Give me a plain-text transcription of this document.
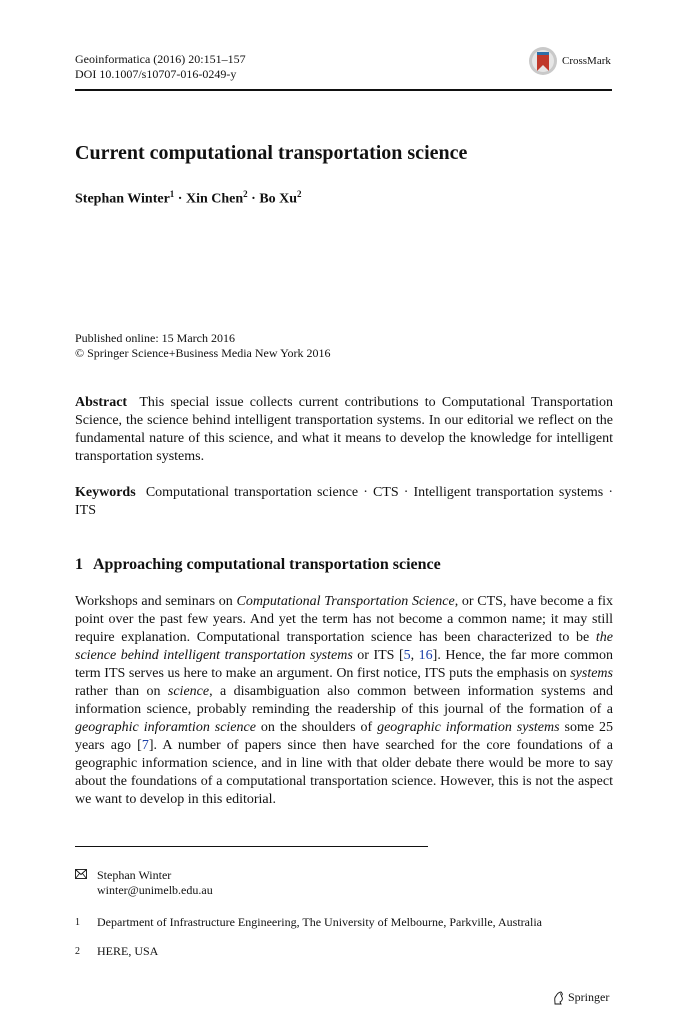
Geoinformatica (2016) 20:151–157
DOI 10.1007/s10707-016-0249-y
CrossMark
Current computational transportation science
Stephan Winter$^1$ · Xin Chen$^2$ · Bo Xu$^2$
Published online: 15 March 2016
© Springer Science+Business Media New York 2016
Abstract This special issue collects current contributions to Computational Transportation Science, the science behind intelligent transportation systems. In our editorial we reflect on the fundamental nature of this science, and what it means to develop the knowledge for intelligent transportation systems.
Keywords Computational transportation science · CTS · Intelligent transportation systems · ITS
1 Approaching computational transportation science
Workshops and seminars on Computational Transportation Science, or CTS, have become a fix point over the past few years. And yet the term has not become a common name; it may still require explanation. Computational transportation science has been characterized to be the science behind intelligent transportation systems or ITS [5, 16]. Hence, the far more common term ITS serves us here to make an argument. On first notice, ITS puts the emphasis on systems rather than on science, a disambiguation also common between information systems and information science, probably reminding the readership of this journal of the formation of a geographic inforamtion science on the shoulders of geographic information systems some 25 years ago [7]. A number of papers since then have searched for the core foundations of a geographic information science, and in line with that older debate there would be more to say about the foundations of a computational transportation science. However, this is not the aspect we want to develop in this editorial.
Stephan Winter
winter@unimelb.edu.au
$^1$ Department of Infrastructure Engineering, The University of Melbourne, Parkville, Australia
$^2$ HERE, USA
Springer
